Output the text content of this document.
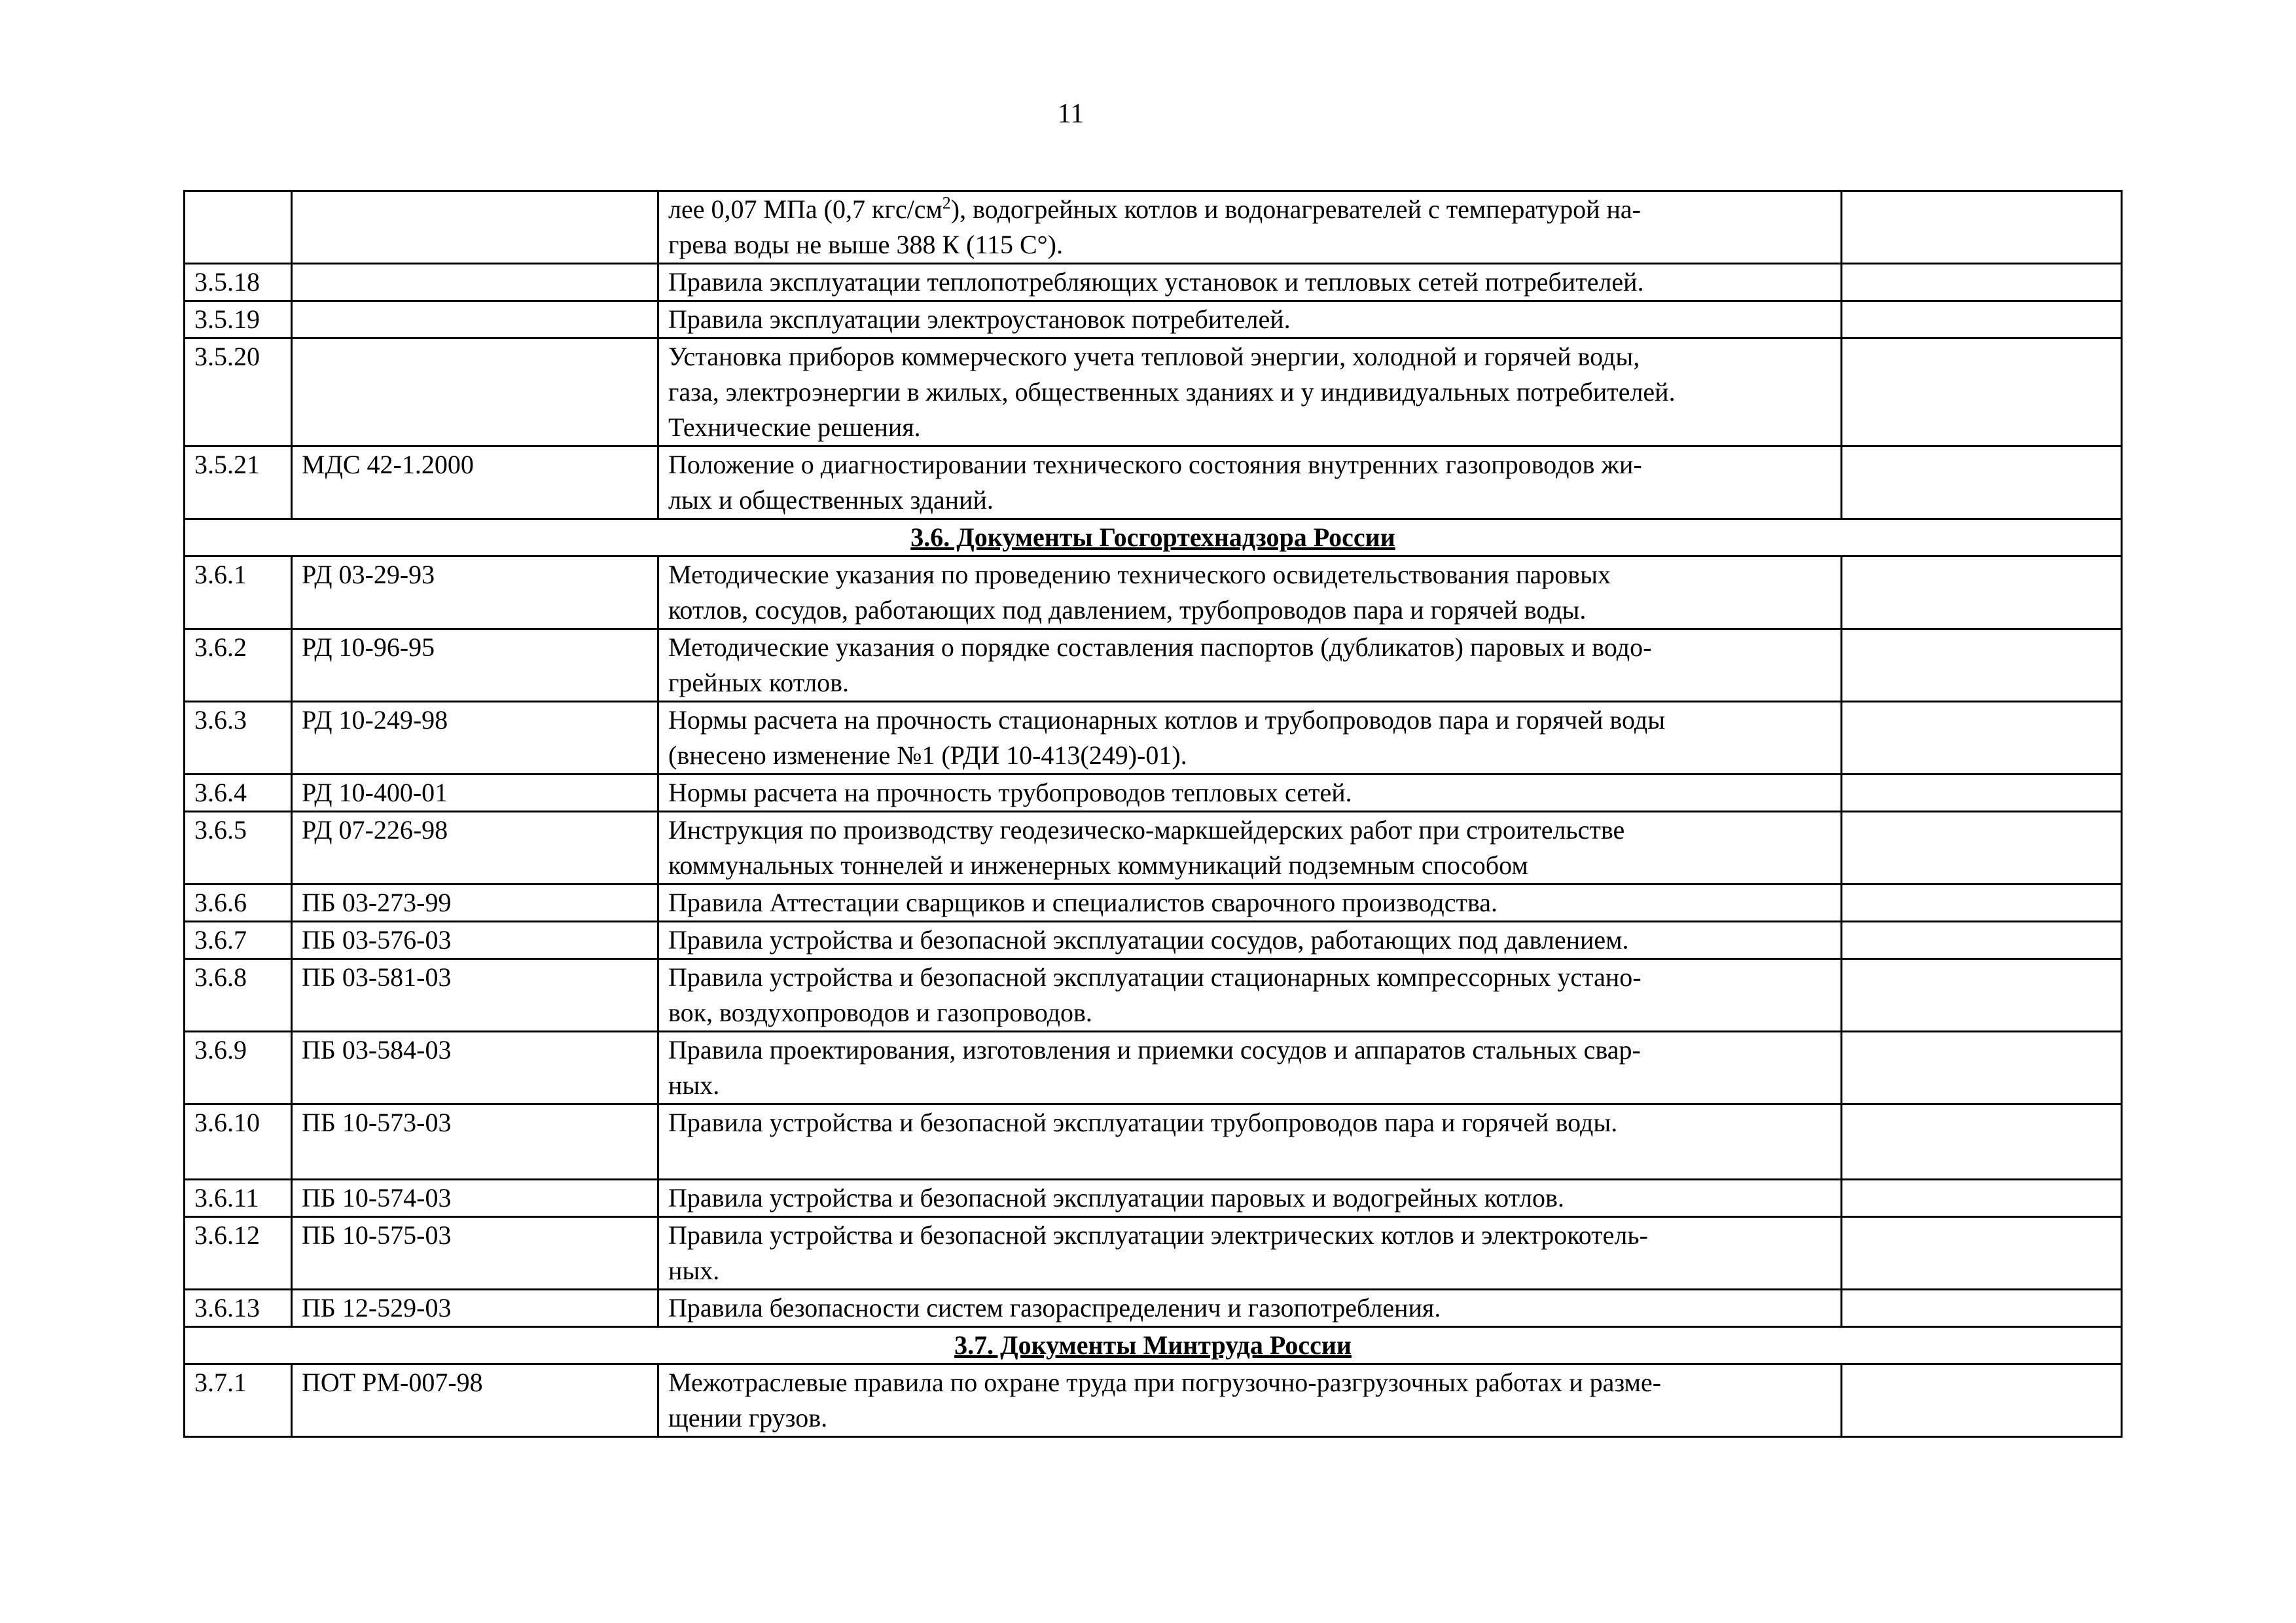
11
		лее 0,07 МПа (0,7 кгс/$см^2$), водогрейных котлов и водонагревателей с температурой на-
грева воды не выше 388 К (115 С°).	
3.5.18		Правила эксплуатации теплопотребляющих установок и тепловых сетей потребителей.	

3.5.19		Правила эксплуатации электроустановок потребителей.	

3.5.20		Установка приборов коммерческого учета тепловой энергии, холодной и горячей воды,
газа, электроэнергии в жилых, общественных зданиях и у индивидуальных потребителей.
Технические решения.	

3.5.21	МДС 42-1.2000	Положение о диагностировании технического состояния внутренних газопроводов жи-
лых и общественных зданий.	

3.6. Документы Госгортехнадзора России			
3.6.1	РД 03-29-93	Методические указания по проведению технического освидетельствования паровых
котлов, сосудов, работающих под давлением, трубопроводов пара и горячей воды.	

3.6.2	РД 10-96-95	Методические указания о порядке составления паспортов (дубликатов) паровых и водо-
грейных котлов.	

3.6.3	РД 10-249-98	Нормы расчета на прочность стационарных котлов и трубопроводов пара и горячей воды
(внесено изменение №1 (РДИ 10-413(249)-01).	

3.6.4	РД 10-400-01	Нормы расчета на прочность трубопроводов тепловых сетей.	

3.6.5	РД 07-226-98	Инструкция по производству геодезическо-маркшейдерских работ при строительстве
коммунальных тоннелей и инженерных коммуникаций подземным способом	

3.6.6	ПБ 03-273-99	Правила Аттестации сварщиков и специалистов сварочного производства.	

3.6.7	ПБ 03-576-03	Правила устройства и безопасной эксплуатации сосудов, работающих под давлением.	

3.6.8	ПБ 03-581-03	Правила устройства и безопасной эксплуатации стационарных компрессорных устано-
вок, воздухопроводов и газопроводов.	

3.6.9	ПБ 03-584-03	Правила проектирования, изготовления и приемки сосудов и аппаратов стальных свар-
ных.	

3.6.10	ПБ 10-573-03	Правила устройства и безопасной эксплуатации трубопроводов пара и горячей воды.	

3.6.11	ПБ 10-574-03	Правила устройства и безопасной эксплуатации паровых и водогрейных котлов.	

3.6.12	ПБ 10-575-03	Правила устройства и безопасной эксплуатации электрических котлов и электрокотель-
ных.	

3.6.13	ПБ 12-529-03	Правила безопасности систем газораспределенич и газопотребления.	

3.7. Документы Минтруда России			
3.7.1	ПОТ РМ-007-98	Межотраслевые правила по охране труда при погрузочно-разгрузочных работах и разме-
щении грузов.	
